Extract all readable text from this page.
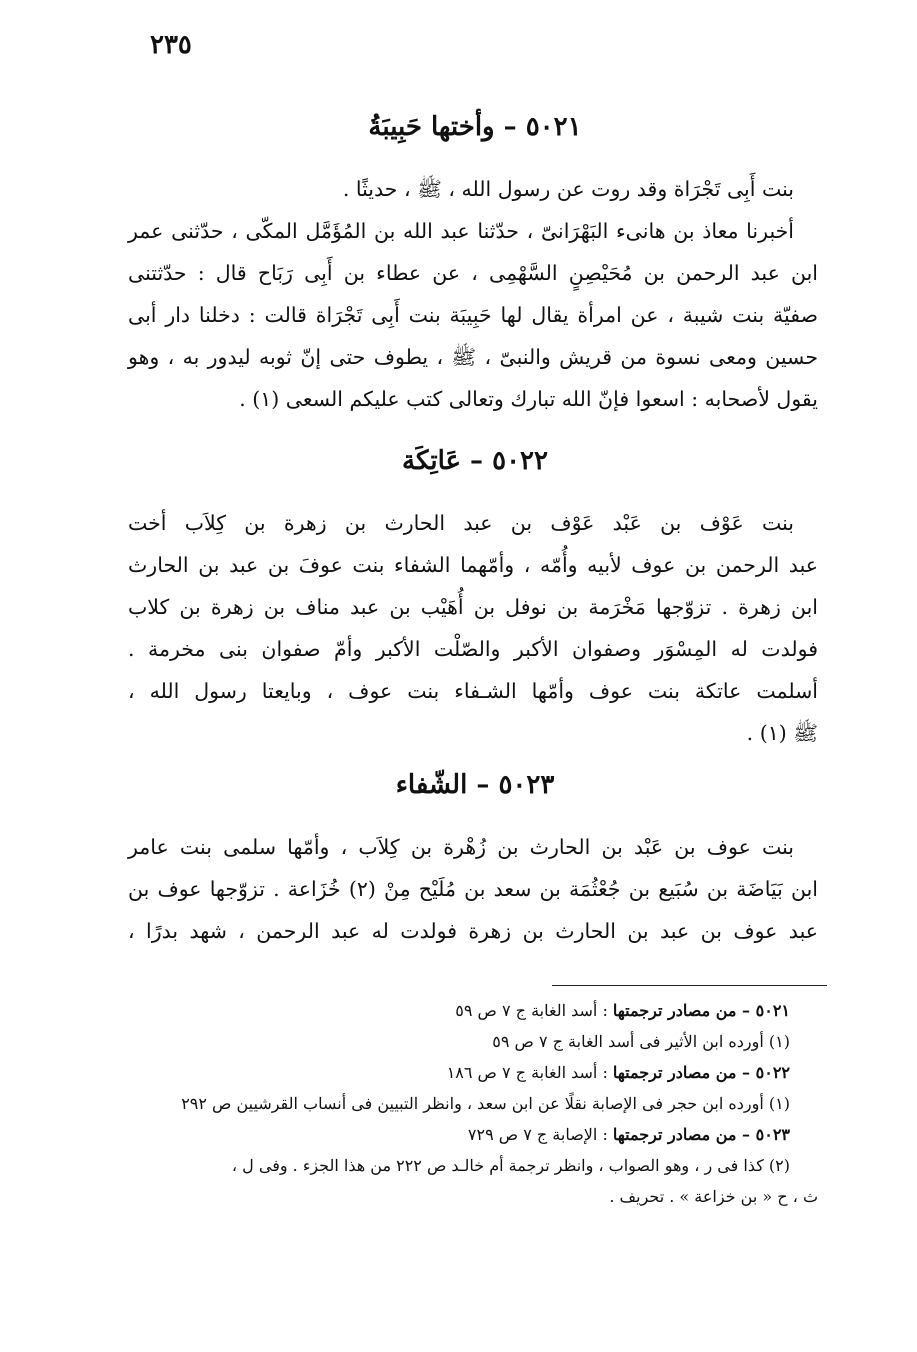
٢٣٥
٥٠٢١ – وأختها حَبِيبَةُ
بنت أَبِى تَجْرَاة وقد روت عن رسول الله ، ﷺ ، حديثًا .
أخبرنا معاذ بن هانىء البَهْرَانىّ ، حدّثنا عبد الله بن المُؤَمَّل المكّى ، حدّثنى عمر
ابن عبد الرحمن بن مُحَيْصِنٍ السَّهْمِى ، عن عطاء بن أَبِى رَبَاح قال : حدّثتنى
صفيّة بنت شيبة ، عن امرأة يقال لها حَبِيبَة بنت أَبِى تَجْرَاة قالت : دخلنا دار أبى
حسين ومعى نسوة من قريش والنبىّ ، ﷺ ، يطوف حتى إنّ ثوبه ليدور به ، وهو
يقول لأصحابه : اسعوا فإنّ الله تبارك وتعالى كتب عليكم السعى (١) .
٥٠٢٢ – عَاتِكَة
بنت عَوْف بن عَبْد عَوْف بن عبد الحارث بن زهرة بن كِلاَب أخت
عبد الرحمن بن عوف لأبيه وأُمّه ، وأمّهما الشفاء بنت عوفَ بن عبد بن الحارث
ابن زهرة . تزوّجها مَخْرَمة بن نوفل بن أُهَيْب بن عبد مناف بن زهرة بن كلاب
فولدت له المِسْوَر وصفوان الأكبر والصّلْت الأكبر وأمّ صفوان بنى مخرمة .
أسلمت عاتكة بنت عوف وأمّها الشـفاء بنت عوف ، وبايعتا رسول الله ،
ﷺ (١) .
٥٠٢٣ – الشّفاء
بنت عوف بن عَبْد بن الحارث بن زُهْرة بن كِلاَب ، وأمّها سلمى بنت عامر
ابن بَيَاضَة بن سُبَيع بن جُعْثُمَة بن سعد بن مُلَيْح مِنْ (٢) خُزَاعة . تزوّجها عوف بن
عبد عوف بن عبد بن الحارث بن زهرة فولدت له عبد الرحمن ، شهد بدرًا ،
٥٠٢١ – من مصادر ترجمتها : أسد الغابة ج ٧ ص ٥٩
(١) أورده ابن الأثير فى أسد الغابة ج ٧ ص ٥٩
٥٠٢٢ – من مصادر ترجمتها : أسد الغابة ج ٧ ص ١٨٦
(١) أورده ابن حجر فى الإصابة نقلًا عن ابن سعد ، وانظر التبيين فى أنساب القرشيين ص ٢٩٢
٥٠٢٣ – من مصادر ترجمتها : الإصابة ج ٧ ص ٧٢٩
(٢) كذا فى ر ، وهو الصواب ، وانظر ترجمة أم خالـد ص ٢٢٢ من هذا الجزء . وفى ل ،
ث ، ح « بن خزاعة » . تحريف .
